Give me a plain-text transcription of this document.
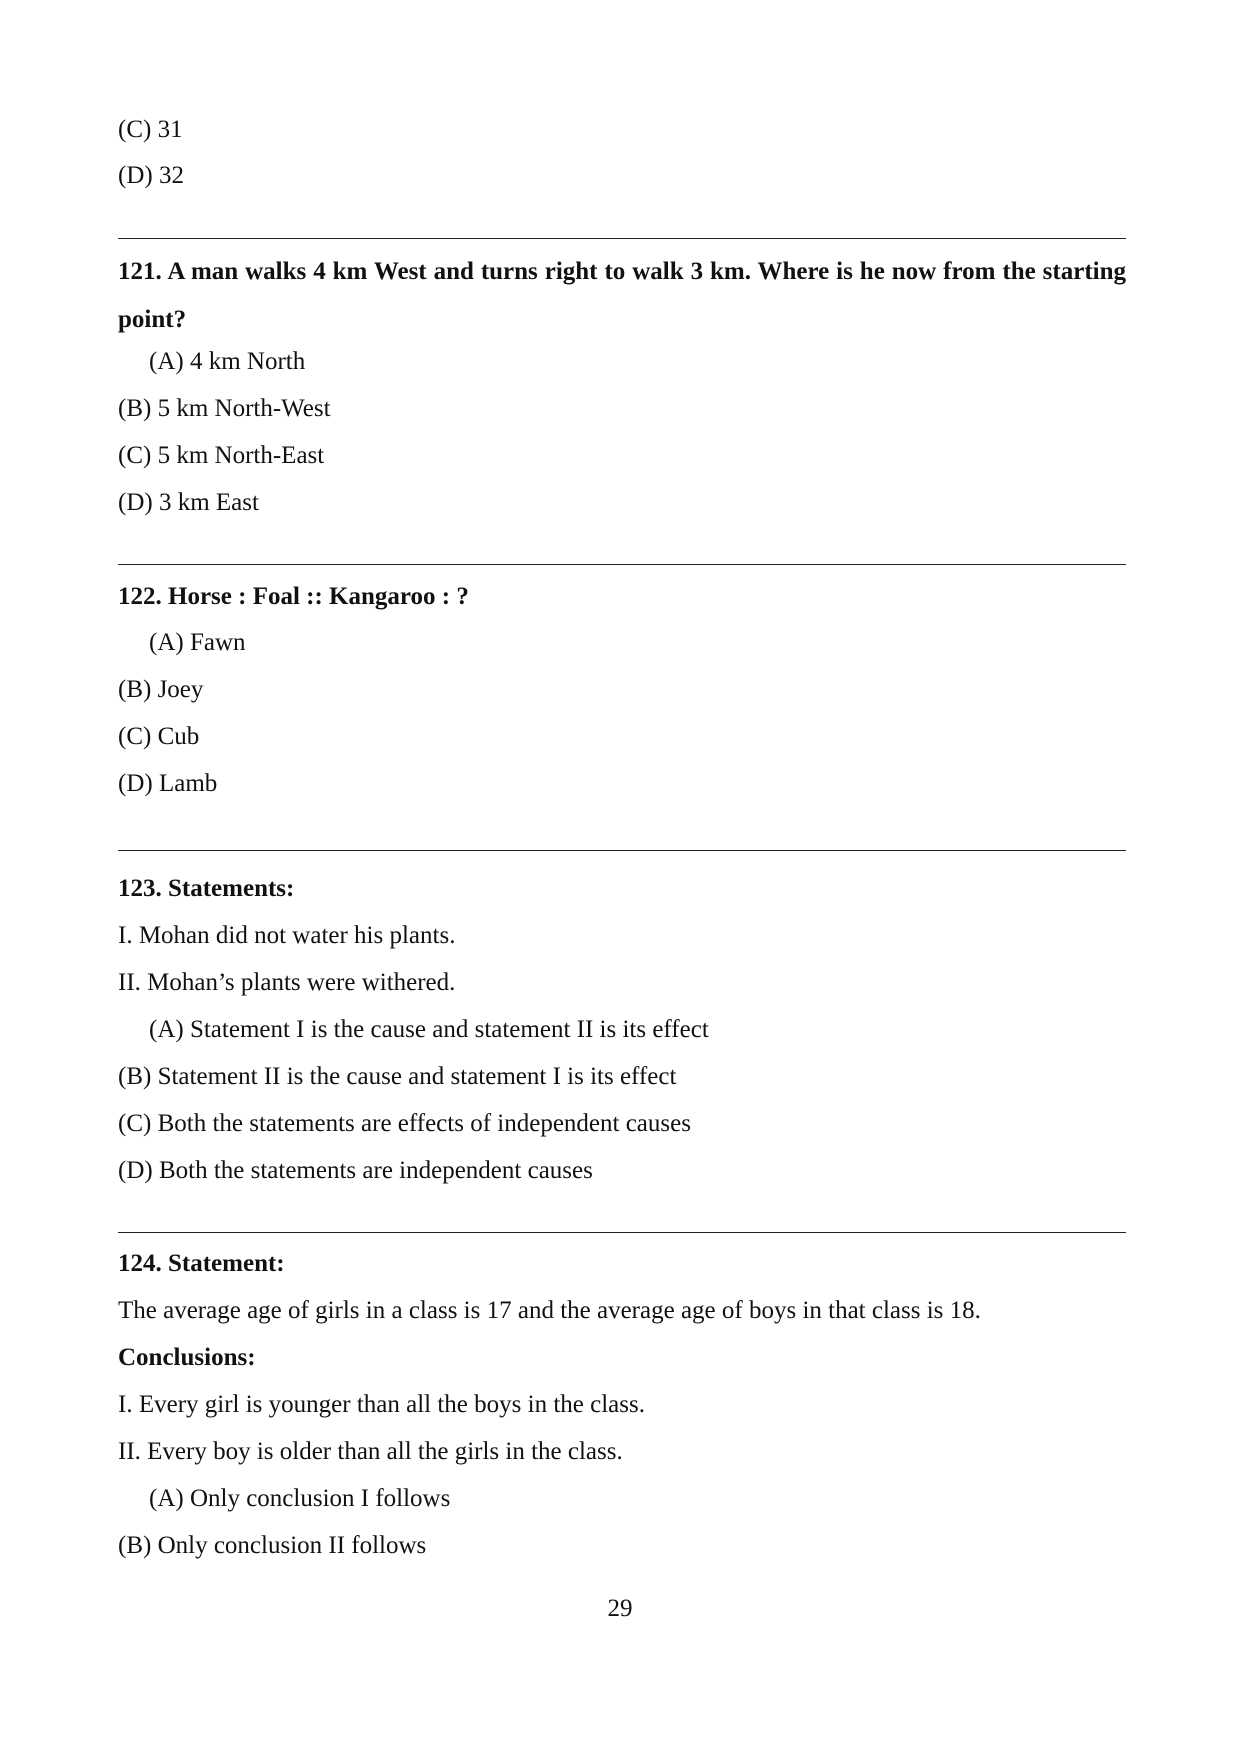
(C) 31
(D) 32
121. A man walks 4 km West and turns right to walk 3 km. Where is he now from the starting point?
(A) 4 km North
(B) 5 km North-West
(C) 5 km North-East
(D) 3 km East
122. Horse : Foal :: Kangaroo : ?
(A) Fawn
(B) Joey
(C) Cub
(D) Lamb
123. Statements:
I. Mohan did not water his plants.
II. Mohan’s plants were withered.
(A) Statement I is the cause and statement II is its effect
(B) Statement II is the cause and statement I is its effect
(C) Both the statements are effects of independent causes
(D) Both the statements are independent causes
124. Statement:
The average age of girls in a class is 17 and the average age of boys in that class is 18.
Conclusions:
I. Every girl is younger than all the boys in the class.
II. Every boy is older than all the girls in the class.
(A) Only conclusion I follows
(B) Only conclusion II follows
29
